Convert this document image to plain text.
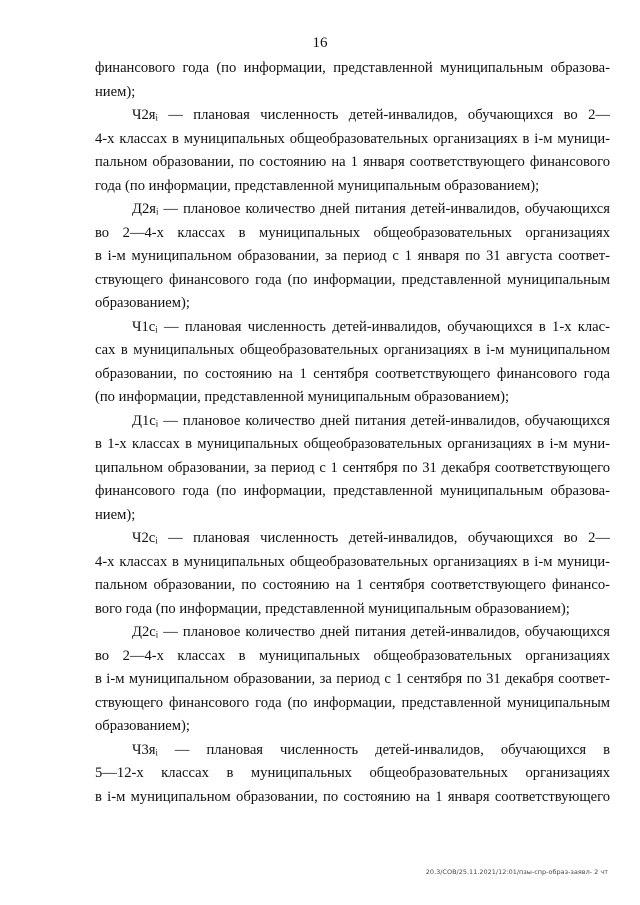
16
финансового года (по информации, представленной муниципальным образова-
нием);
Ч2яᵢ — плановая численность детей-инвалидов, обучающихся во 2—
4-х классах в муниципальных общеобразовательных организациях в i-м муници-
пальном образовании, по состоянию на 1 января соответствующего финансового
года (по информации, представленной муниципальным образованием);
Д2яᵢ — плановое количество дней питания детей-инвалидов, обучающихся
во 2—4-х классах в муниципальных общеобразовательных организациях
в i-м муниципальном образовании, за период с 1 января по 31 августа соответ-
ствующего финансового года (по информации, представленной муниципальным
образованием);
Ч1сᵢ — плановая численность детей-инвалидов, обучающихся в 1-х клас-
сах в муниципальных общеобразовательных организациях в i-м муниципальном
образовании, по состоянию на 1 сентября соответствующего финансового года
(по информации, представленной муниципальным образованием);
Д1сᵢ — плановое количество дней питания детей-инвалидов, обучающихся
в 1-х классах в муниципальных общеобразовательных организациях в i-м муни-
ципальном образовании, за период с 1 сентября по 31 декабря соответствующего
финансового года (по информации, представленной муниципальным образова-
нием);
Ч2сᵢ — плановая численность детей-инвалидов, обучающихся во 2—
4-х классах в муниципальных общеобразовательных организациях в i-м муници-
пальном образовании, по состоянию на 1 сентября соответствующего финансо-
вого года (по информации, представленной муниципальным образованием);
Д2сᵢ — плановое количество дней питания детей-инвалидов, обучающихся
во 2—4-х классах в муниципальных общеобразовательных организациях
в i-м муниципальном образовании, за период с 1 сентября по 31 декабря соответ-
ствующего финансового года (по информации, представленной муниципальным
образованием);
Ч3яᵢ — плановая численность детей-инвалидов, обучающихся в
5—12-х классах в муниципальных общеобразовательных организациях
в i-м муниципальном образовании, по состоянию на 1 января соответствующего
20.3/СОВ/25.11.2021/12:01/пзы-спр-образ-заявл- 2 чт
